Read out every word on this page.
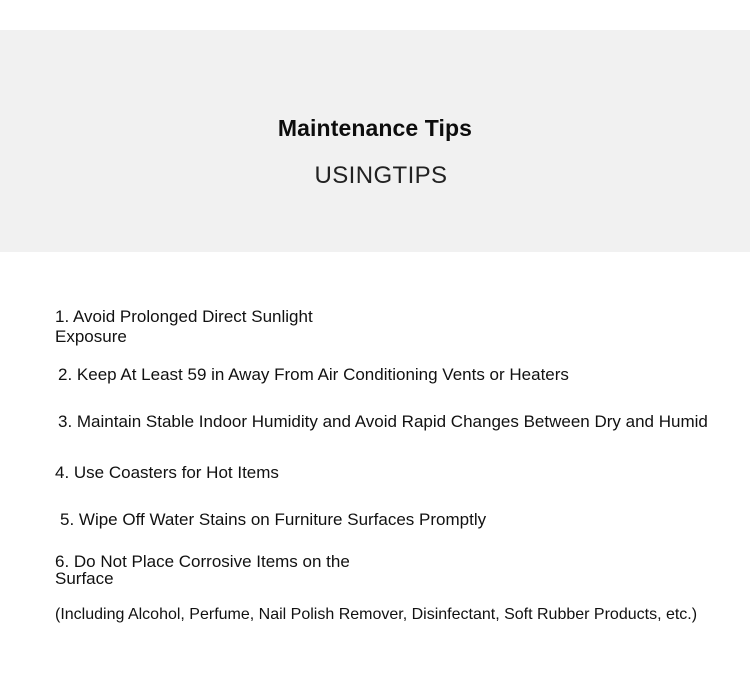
Maintenance Tips
USINGTIPS
1. Avoid Prolonged Direct Sunlight
Exposure
2. Keep At Least 59 in Away From Air Conditioning Vents or Heaters
3. Maintain Stable Indoor Humidity and Avoid Rapid Changes Between Dry and Humid
4. Use Coasters for Hot Items
5. Wipe Off Water Stains on Furniture Surfaces Promptly
6. Do Not Place Corrosive Items on the
Surface
(Including Alcohol, Perfume, Nail Polish Remover, Disinfectant, Soft Rubber Products, etc.)
